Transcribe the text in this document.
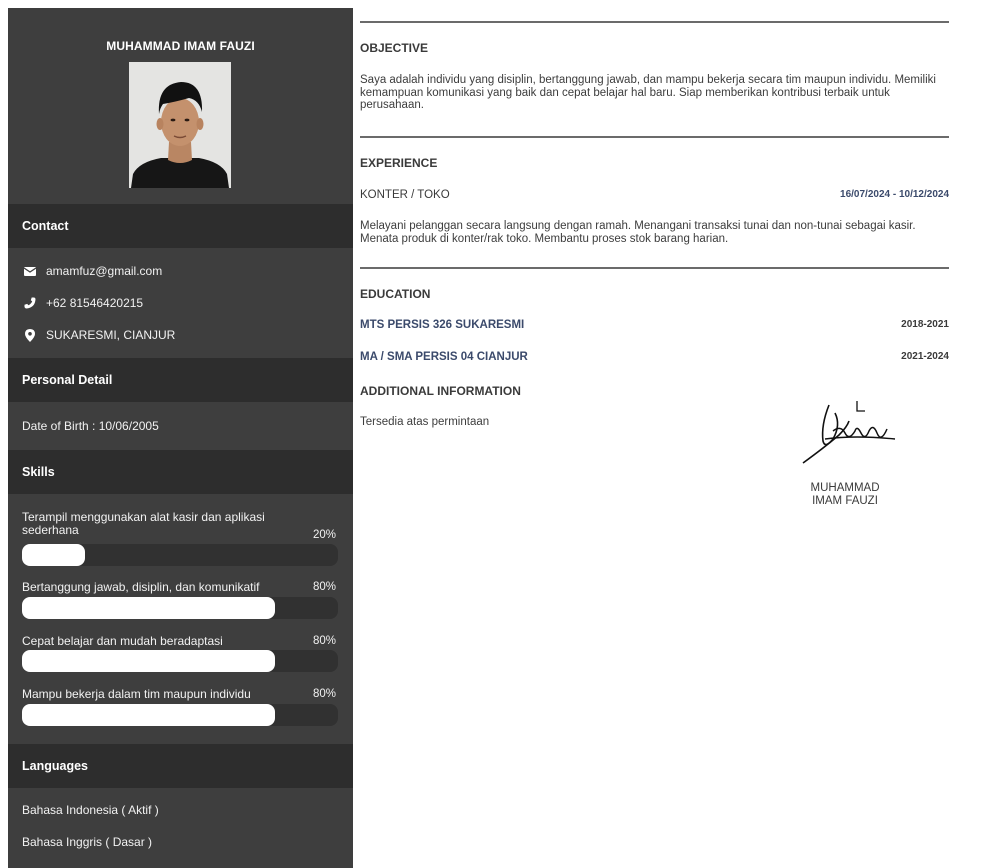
MUHAMMAD IMAM FAUZI
Contact
amamfuz@gmail.com
+62 81546420215
SUKARESMI, CIANJUR
Personal Detail
Date of Birth : 10/06/2005
Skills
Terampil menggunakan alat kasir dan aplikasi sederhana	20%
Bertanggung jawab, disiplin, dan komunikatif	80%
Cepat belajar dan mudah beradaptasi	80%
Mampu bekerja dalam tim maupun individu	80%
Languages
Bahasa Indonesia ( Aktif )
Bahasa Inggris ( Dasar )
OBJECTIVE
Saya adalah individu yang disiplin, bertanggung jawab, dan mampu bekerja secara tim maupun individu. Memiliki kemampuan komunikasi yang baik dan cepat belajar hal baru. Siap memberikan kontribusi terbaik untuk perusahaan.
EXPERIENCE
KONTER / TOKO	16/07/2024 - 10/12/2024
Melayani pelanggan secara langsung dengan ramah. Menangani transaksi tunai dan non-tunai sebagai kasir. Menata produk di konter/rak toko. Membantu proses stok barang harian.
EDUCATION
MTS PERSIS 326 SUKARESMI	2018-2021
MA / SMA PERSIS 04 CIANJUR	2021-2024
ADDITIONAL INFORMATION
Tersedia atas permintaan
MUHAMMAD
IMAM FAUZI
